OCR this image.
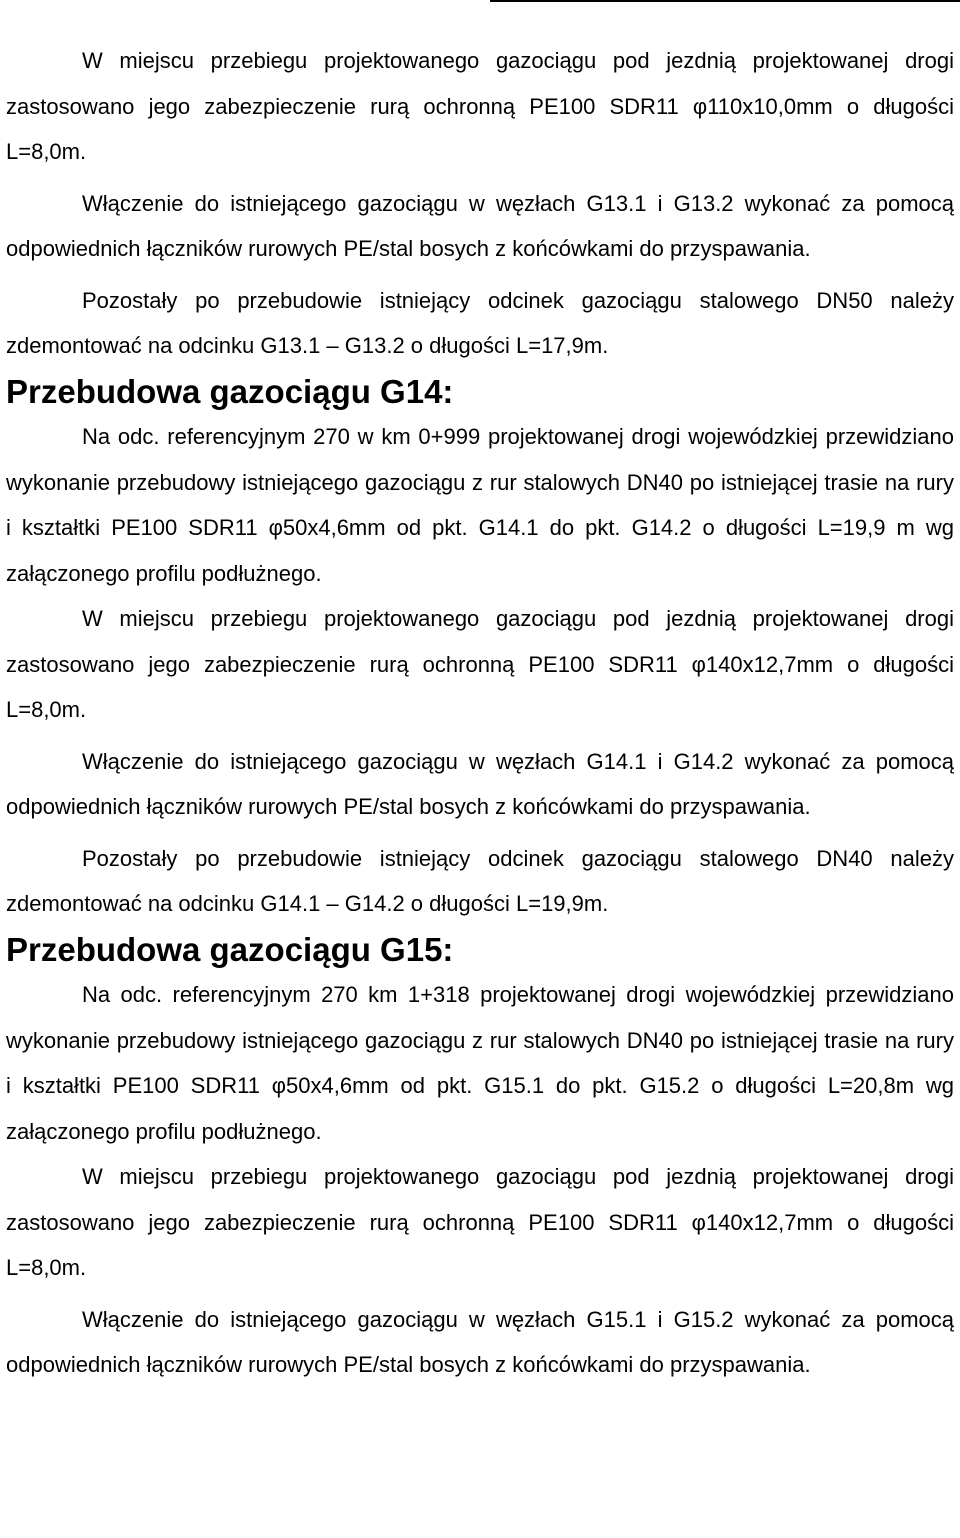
W miejscu przebiegu projektowanego gazociągu pod jezdnią projektowanej drogi zastosowano jego zabezpieczenie rurą ochronną PE100 SDR11 φ110x10,0mm o długości L=8,0m.

Włączenie do istniejącego gazociągu w węzłach G13.1 i G13.2 wykonać za pomocą odpowiednich łączników rurowych PE/stal bosych z końcówkami do przyspawania.

Pozostały po przebudowie istniejący odcinek gazociągu stalowego DN50 należy zdemontować na odcinku G13.1 – G13.2 o długości L=17,9m.

Przebudowa gazociągu G14:

Na odc. referencyjnym 270 w km 0+999 projektowanej drogi wojewódzkiej przewidziano wykonanie przebudowy istniejącego gazociągu z rur stalowych DN40 po istniejącej trasie na rury i kształtki PE100 SDR11 φ50x4,6mm od pkt. G14.1 do pkt. G14.2 o długości L=19,9 m wg załączonego profilu podłużnego.

W miejscu przebiegu projektowanego gazociągu pod jezdnią projektowanej drogi zastosowano jego zabezpieczenie rurą ochronną PE100 SDR11 φ140x12,7mm o długości L=8,0m.

Włączenie do istniejącego gazociągu w węzłach G14.1 i G14.2 wykonać za pomocą odpowiednich łączników rurowych PE/stal bosych z końcówkami do przyspawania.

Pozostały po przebudowie istniejący odcinek gazociągu stalowego DN40 należy zdemontować na odcinku G14.1 – G14.2 o długości L=19,9m.

Przebudowa gazociągu G15:

Na odc. referencyjnym 270 km 1+318 projektowanej drogi wojewódzkiej przewidziano wykonanie przebudowy istniejącego gazociągu z rur stalowych DN40 po istniejącej trasie na rury i kształtki PE100 SDR11 φ50x4,6mm od pkt. G15.1 do pkt. G15.2 o długości L=20,8m wg załączonego profilu podłużnego.

W miejscu przebiegu projektowanego gazociągu pod jezdnią projektowanej drogi zastosowano jego zabezpieczenie rurą ochronną PE100 SDR11 φ140x12,7mm o długości L=8,0m.

Włączenie do istniejącego gazociągu w węzłach G15.1 i G15.2 wykonać za pomocą odpowiednich łączników rurowych PE/stal bosych z końcówkami do przyspawania.
